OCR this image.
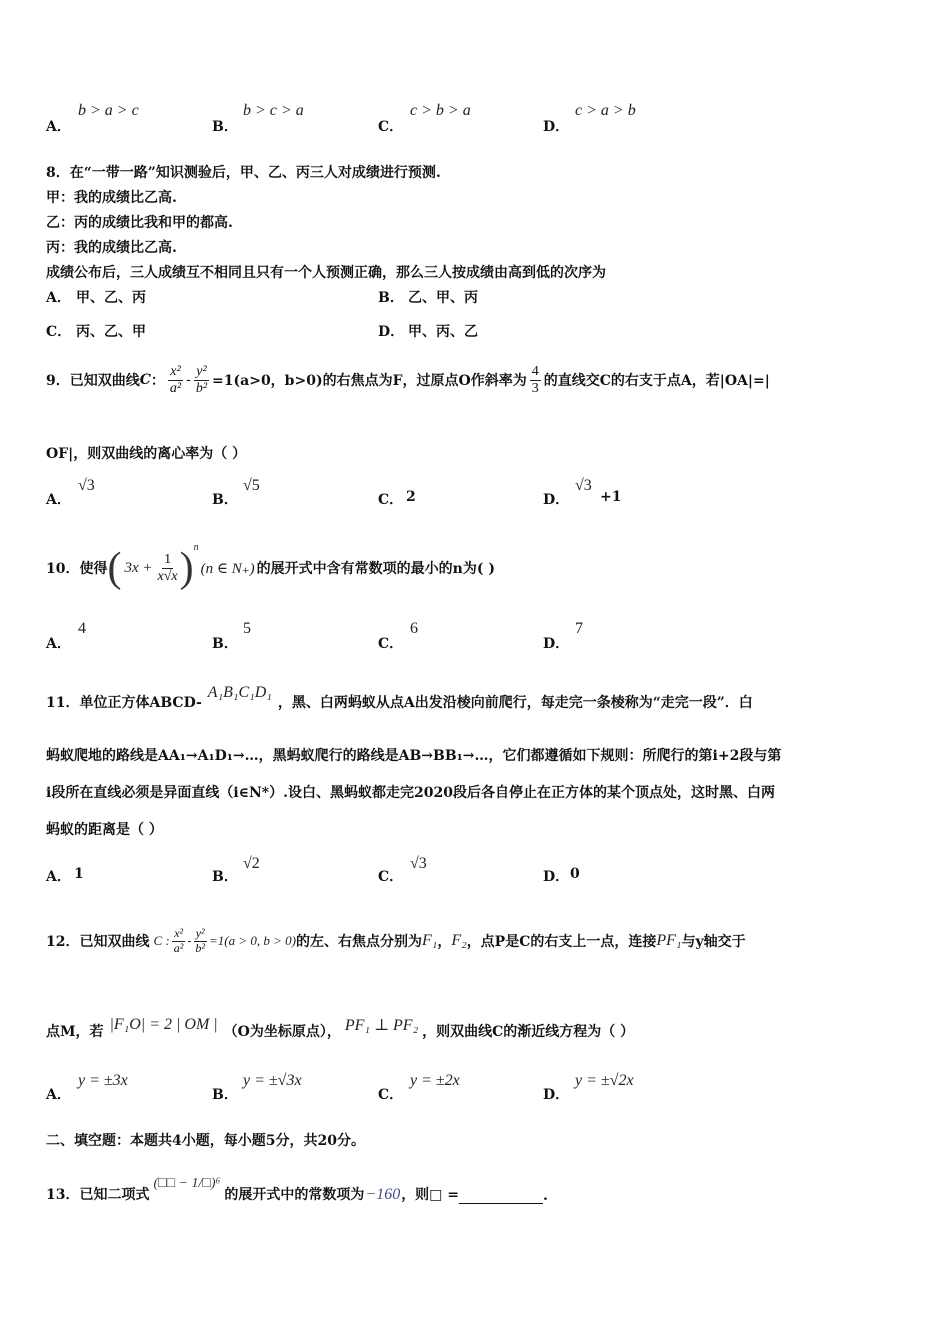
A．
b > a > c
B．
b > c > a
C．
c > b > a
D．
c > a > b
8．在“一带一路”知识测验后，甲、乙、丙三人对成绩进行预测.
甲：我的成绩比乙高.
乙：丙的成绩比我和甲的都高.
丙：我的成绩比乙高.
成绩公布后，三人成绩互不相同且只有一个人预测正确，那么三人按成绩由高到低的次序为
A． 甲、乙、丙	B． 乙、甲、丙
C． 丙、乙、甲	D． 甲、丙、乙
9．已知双曲线 C ： $\frac{\text{x²}}{\text{a²}} - \frac{\text{y²}}{\text{b²}} =1(a>0$，b>0)的右焦点为F，过原点O作斜率为 $\frac{4}{3}$ 的直线交C的右支于点A，若|OA|=|
OF|，则双曲线的离心率为（ ）
A．
√3
B．
√5
C． 2	D．
√3
+1
10．使得 ( $3x + \frac{1}{x√x}$ ) n
(n ∈ N₊) 的展开式中含有常数项的最小的n为( )
A．
4
B．
5
C．
6
D．
7
11．单位正方体ABCD-
A₁B₁C₁D₁
，黑、白两蚂蚁从点A出发沿棱向前爬行，每走完一条棱称为“走完一段”．白
蚂蚁爬地的路线是AA₁→A₁D₁→…，黑蚂蚁爬行的路线是AB→BB₁→…，它们都遵循如下规则：所爬行的第i+2段与第
i段所在直线必须是异面直线（i∈N*）.设白、黑蚂蚁都走完2020段后各自停止在正方体的某个顶点处，这时黑、白两
蚂蚁的距离是（ ）
A． 1	B．
√2
C．
√3
D． 0
12．已知双曲线 C : $\frac{\text{x²}}{\text{a²}} - \frac{\text{y²}}{\text{b²}} =1(a > 0$, b > 0) 的左、右焦点分别为 F₁ ， F₂ ，点P是C的右支上一点，连接 PF₁ 与y轴交于
点M，若 |F₁O| = 2 | OM | （O为坐标原点）， PF₁ ⊥ PF₂ ，则双曲线C的渐近线方程为（ ）
A．
y = ±3x
B．
y = ±√3x
C．
y = ±2x
D．
y = ±√2x
二、填空题：本题共4小题，每小题5分，共20分。
13．已知二项式
(□□ − 1/□)⁶
的展开式中的常数项为 −160 ，则□ =	.
